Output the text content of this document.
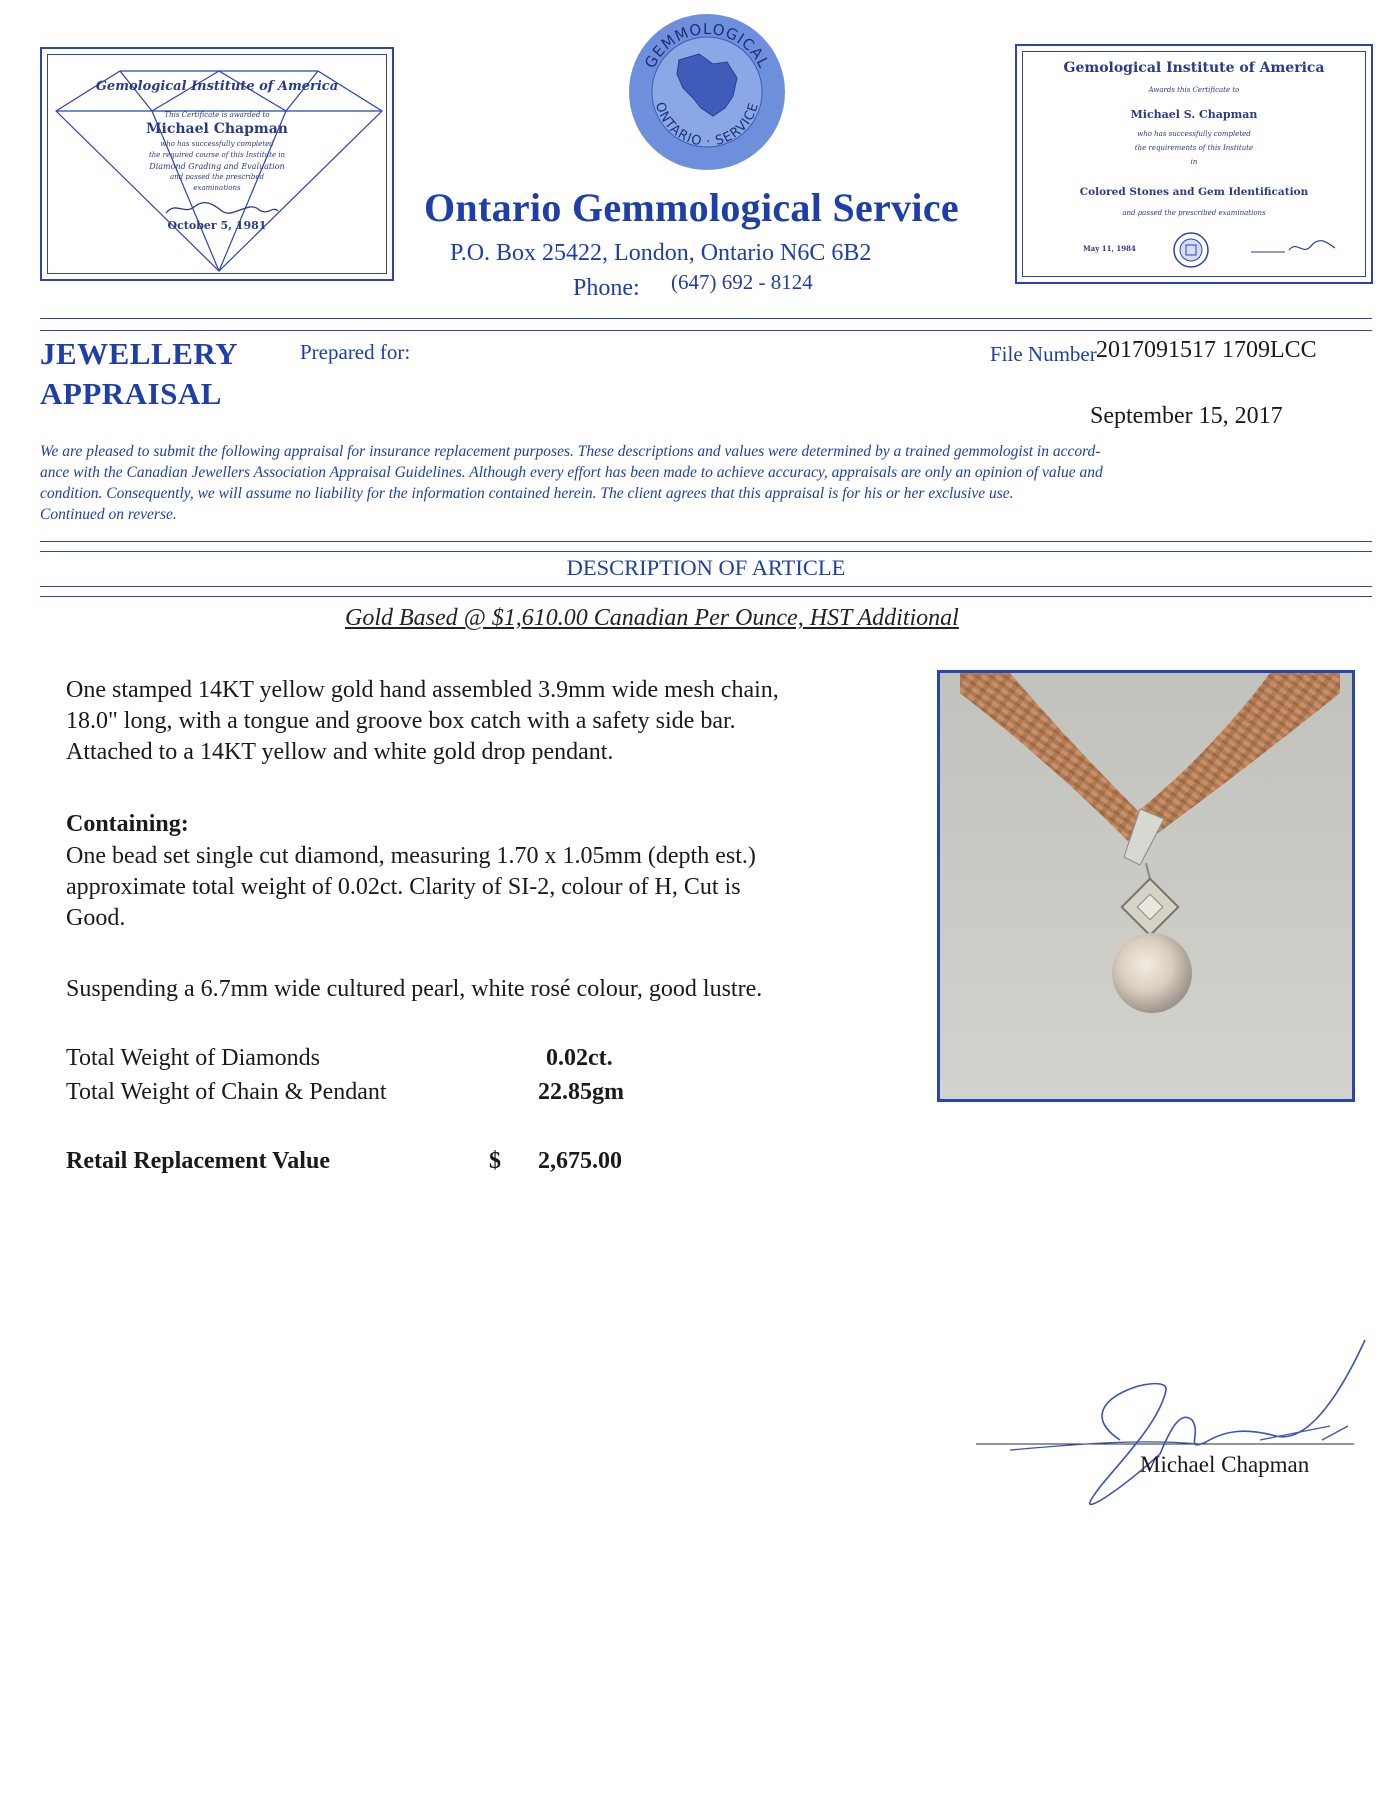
Gemological Institute of America
This Certificate is awarded to
Michael Chapman
who has successfully completed
the required course of this Institute in
Diamond Grading and Evaluation
and passed the prescribed
examinations
October 5, 1981
GEMMOLOGICAL
ONTARIO · SERVICE
Ontario Gemmological Service
P.O. Box 25422, London, Ontario N6C 6B2
Phone: (647) 692 - 8124
Gemological Institute of America
Awards this Certificate to
Michael S. Chapman
who has successfully completed
the requirements of this Institute
in
Colored Stones and Gem Identification
and passed the prescribed examinations
May 11, 1984
JEWELLERY
APPRAISAL
Prepared for:	File Number 2017091517 1709LCC
September 15, 2017
We are pleased to submit the following appraisal for insurance replacement purposes. These descriptions and values were determined by a trained gemmologist in accord-
ance with the Canadian Jewellers Association Appraisal Guidelines. Although every effort has been made to achieve accuracy, appraisals are only an opinion of value and
condition. Consequently, we will assume no liability for the information contained herein. The client agrees that this appraisal is for his or her exclusive use.
Continued on reverse.
DESCRIPTION OF ARTICLE
Gold Based @ $1,610.00 Canadian Per Ounce, HST Additional
One stamped 14KT yellow gold hand assembled 3.9mm wide mesh chain,
18.0" long, with a tongue and groove box catch with a safety side bar.
Attached to a 14KT yellow and white gold drop pendant.
Containing:
One bead set single cut diamond, measuring 1.70 x 1.05mm (depth est.)
approximate total weight of 0.02ct. Clarity of SI-2, colour of H, Cut is
Good.
Suspending a 6.7mm wide cultured pearl, white rosé colour, good lustre.
Total Weight of Diamonds	0.02ct.
Total Weight of Chain & Pendant	22.85gm
Retail Replacement Value	$ 2,675.00
Michael Chapman
